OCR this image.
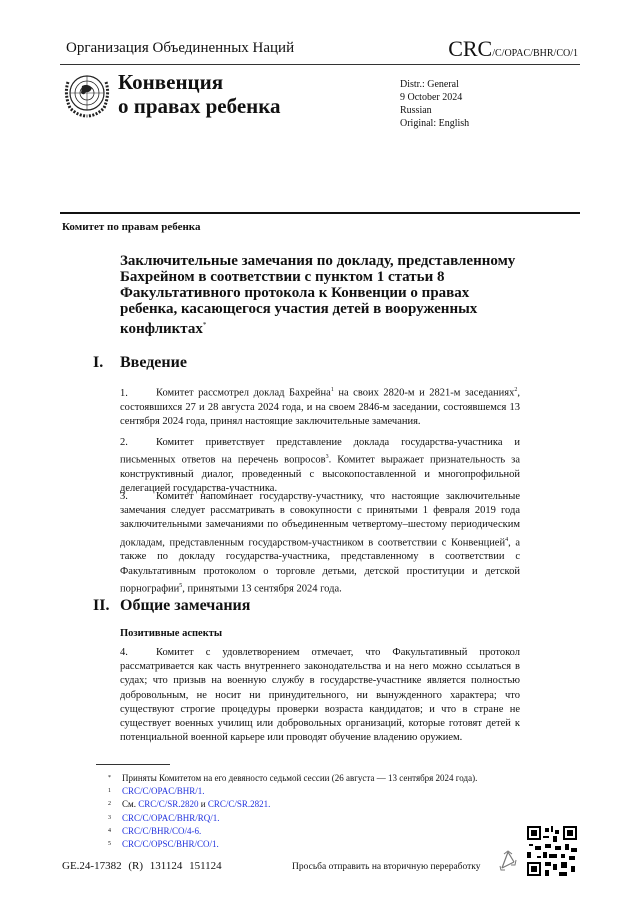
Организация Объединенных Наций	CRC/C/OPAC/BHR/CO/1
Конвенция
о правах ребенка
Distr.: General
9 October 2024
Russian
Original: English
Комитет по правам ребенка
Заключительные замечания по докладу, представленному Бахрейном в соответствии с пунктом 1 статьи 8 Факультативного протокола к Конвенции о правах ребенка, касающегося участия детей в вооруженных конфликтах*
I. Введение
1.	Комитет рассмотрел доклад Бахрейна$^1$ на своих 2820-м и 2821-м заседаниях$^2$, состоявшихся 27 и 28 августа 2024 года, и на своем 2846-м заседании, состоявшемся 13 сентября 2024 года, принял настоящие заключительные замечания.
2.	Комитет приветствует представление доклада государства-участника и письменных ответов на перечень вопросов$^3$. Комитет выражает признательность за конструктивный диалог, проведенный с высокопоставленной и многопрофильной делегацией государства-участника.
3.	Комитет напоминает государству-участнику, что настоящие заключительные замечания следует рассматривать в совокупности с принятыми 1 февраля 2019 года заключительными замечаниями по объединенным четвертому–шестому периодическим докладам, представленным государством-участником в соответствии с Конвенцией$^4$, а также по докладу государства-участника, представленному в соответствии с Факультативным протоколом о торговле детьми, детской проституции и детской порнографии$^5$, принятыми 13 сентября 2024 года.
II. Общие замечания
Позитивные аспекты
4.	Комитет с удовлетворением отмечает, что Факультативный протокол рассматривается как часть внутреннего законодательства и на него можно ссылаться в судах; что призыв на военную службу в государстве-участнике является полностью добровольным, не носит ни принудительного, ни вынужденного характера; что существуют строгие процедуры проверки возраста кандидатов; и что в стране не существует военных училищ или добровольных организаций, которые готовят детей к потенциальной военной карьере или проводят обучение владению оружием.
* Приняты Комитетом на его девяносто седьмой сессии (26 августа — 13 сентября 2024 года).
1 CRC/C/OPAC/BHR/1.
2 См. CRC/C/SR.2820 и CRC/C/SR.2821.
3 CRC/C/OPAC/BHR/RQ/1.
4 CRC/C/BHR/CO/4-6.
5 CRC/C/OPSC/BHR/CO/1.
GE.24-17382 (R) 131124 151124	Просьба отправить на вторичную переработку
